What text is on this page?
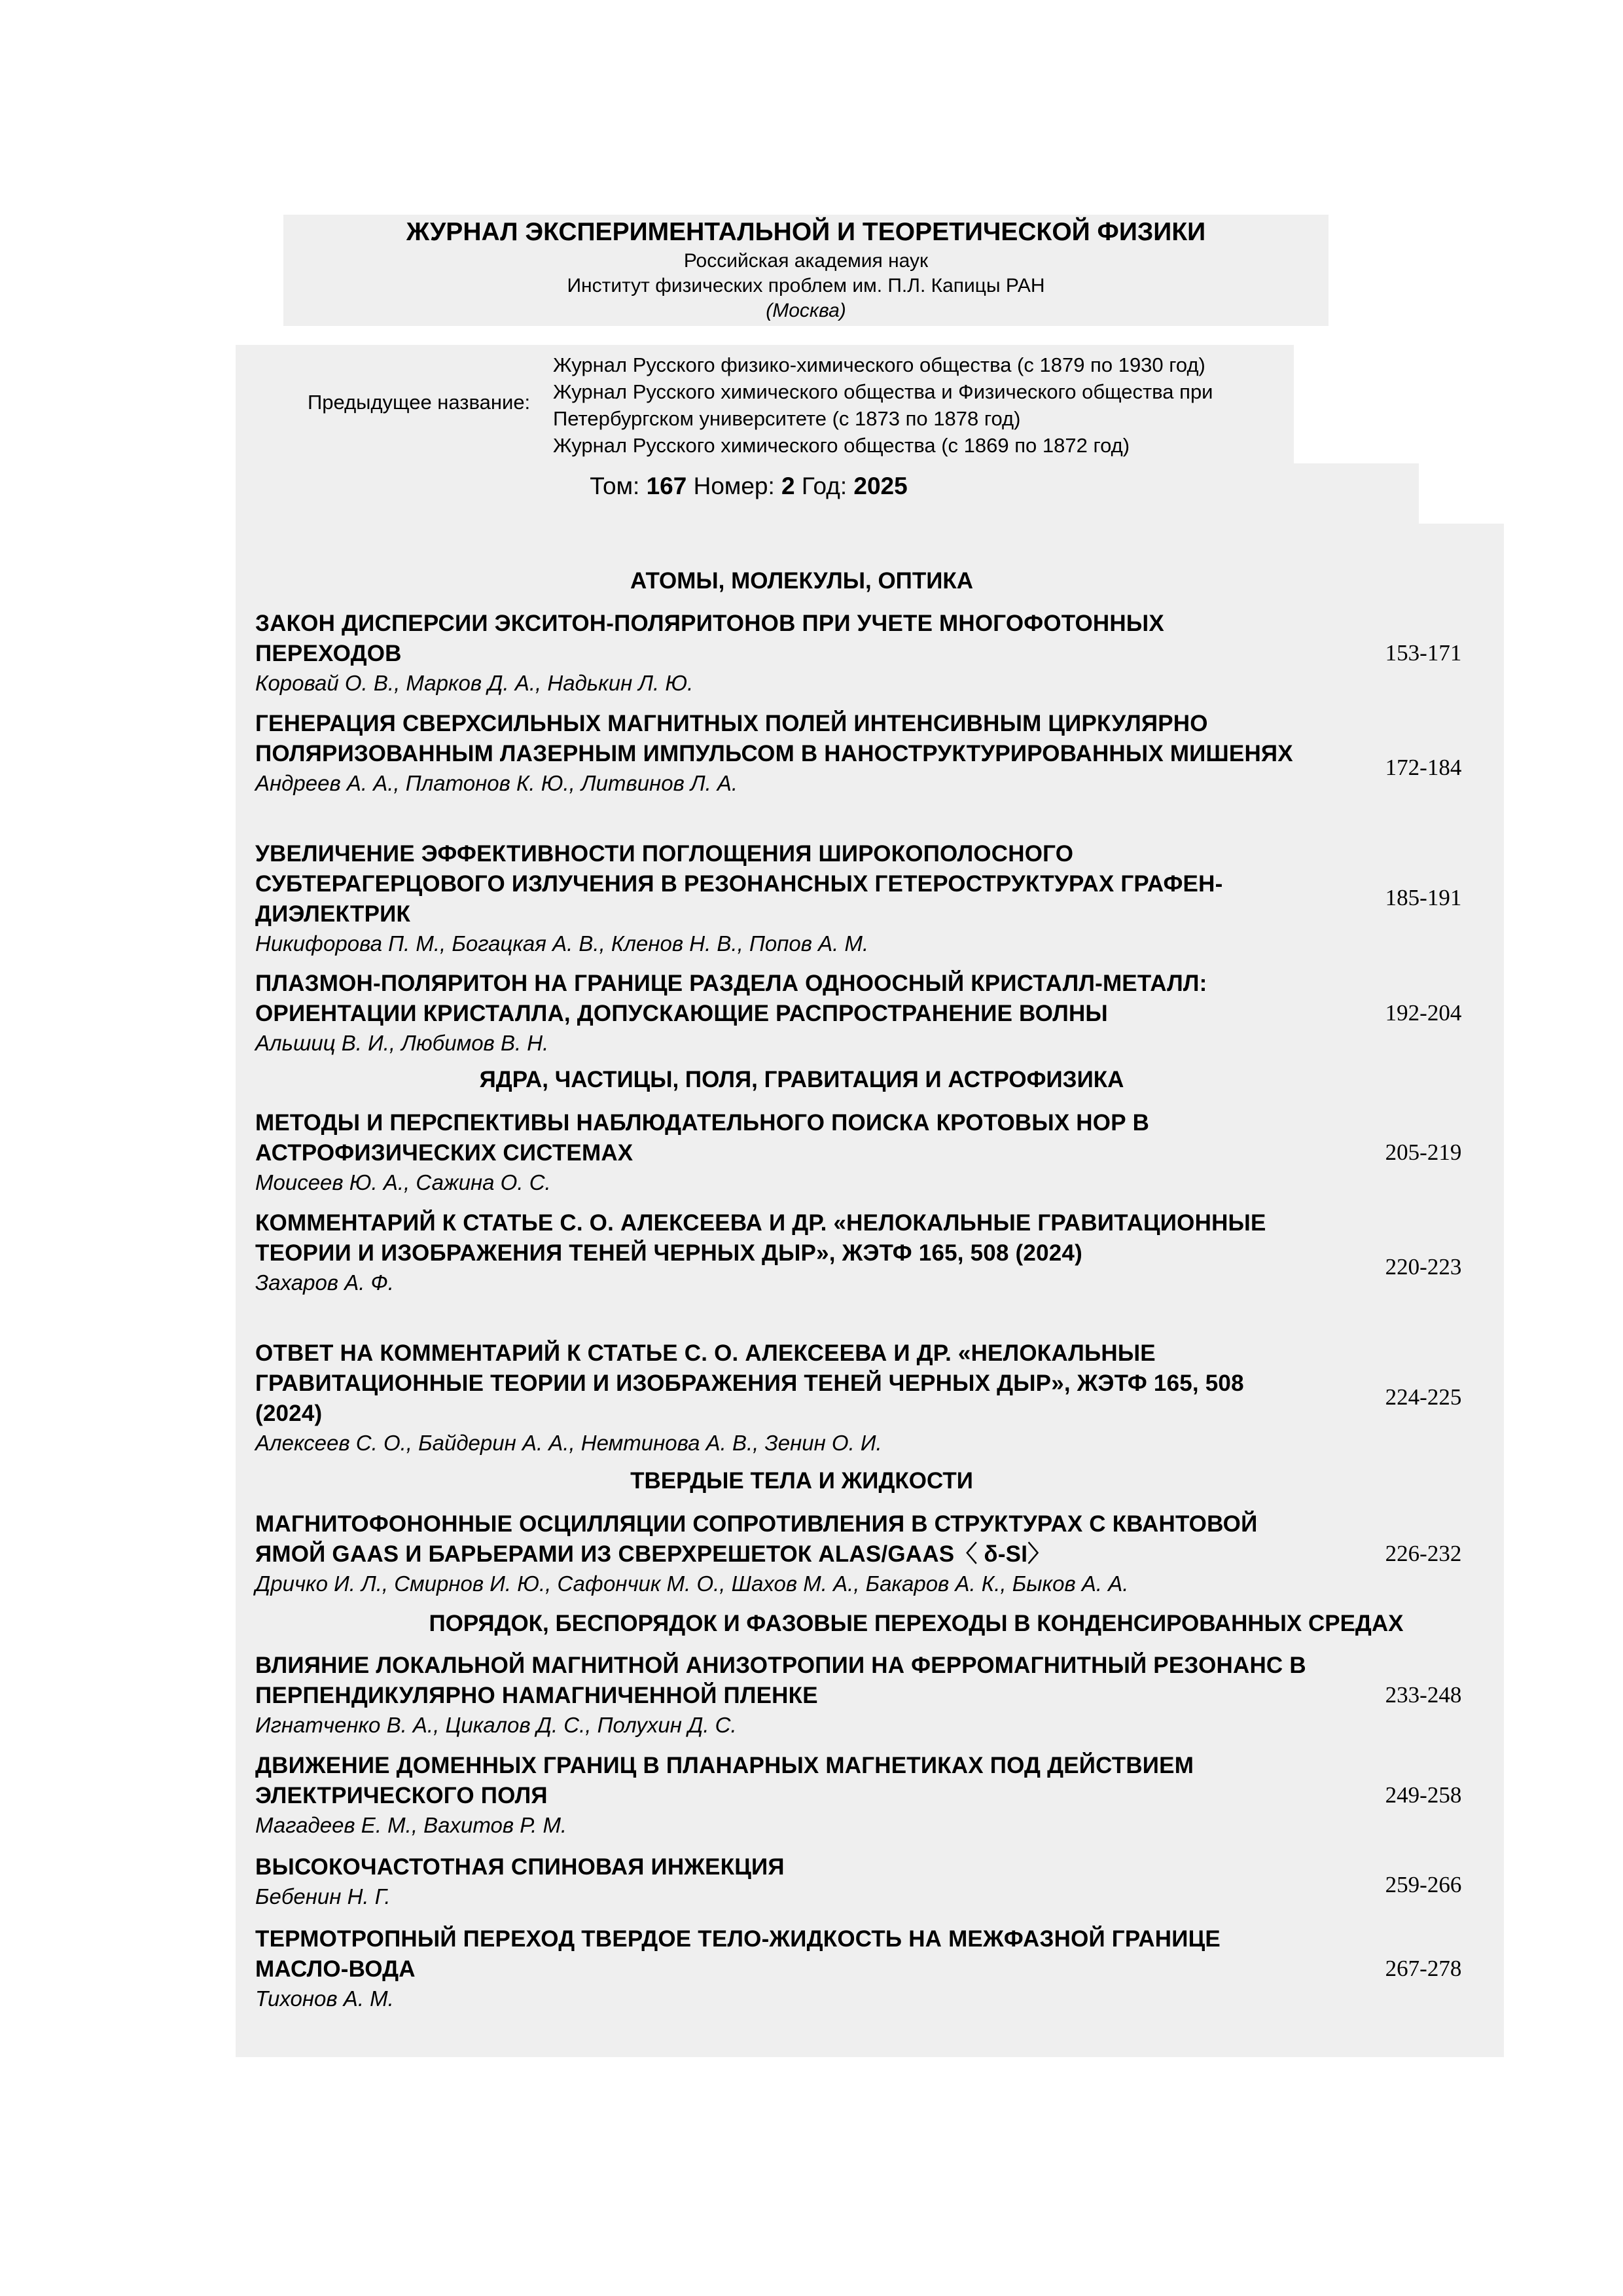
ЖУРНАЛ ЭКСПЕРИМЕНТАЛЬНОЙ И ТЕОРЕТИЧЕСКОЙ ФИЗИКИ
Российская академия наук
Институт физических проблем им. П.Л. Капицы РАН
(Москва)
Предыдущее название:
Журнал Русского физико-химического общества (с 1879 по 1930 год)
Журнал Русского химического общества и Физического общества при Петербургском университете (с 1873 по 1878 год)
Журнал Русского химического общества (с 1869 по 1872 год)
Том: 167 Номер: 2 Год: 2025
АТОМЫ, МОЛЕКУЛЫ, ОПТИКА
ЗАКОН ДИСПЕРСИИ ЭКСИТОН-ПОЛЯРИТОНОВ ПРИ УЧЕТЕ МНОГОФОТОННЫХ ПЕРЕХОДОВ
Коровай О. В., Марков Д. А., Надькин Л. Ю.
153-171
ГЕНЕРАЦИЯ СВЕРХСИЛЬНЫХ МАГНИТНЫХ ПОЛЕЙ ИНТЕНСИВНЫМ ЦИРКУЛЯРНО ПОЛЯРИЗОВАННЫМ ЛАЗЕРНЫМ ИМПУЛЬСОМ В НАНОСТРУКТУРИРОВАННЫХ МИШЕНЯХ
Андреев А. А., Платонов К. Ю., Литвинов Л. А.
172-184
УВЕЛИЧЕНИЕ ЭФФЕКТИВНОСТИ ПОГЛОЩЕНИЯ ШИРОКОПОЛОСНОГО СУБТЕРАГЕРЦОВОГО ИЗЛУЧЕНИЯ В РЕЗОНАНСНЫХ ГЕТЕРОСТРУКТУРАХ ГРАФЕН-ДИЭЛЕКТРИК
Никифорова П. М., Богацкая А. В., Кленов Н. В., Попов А. М.
185-191
ПЛАЗМОН-ПОЛЯРИТОН НА ГРАНИЦЕ РАЗДЕЛА ОДНООСНЫЙ КРИСТАЛЛ-МЕТАЛЛ: ОРИЕНТАЦИИ КРИСТАЛЛА, ДОПУСКАЮЩИЕ РАСПРОСТРАНЕНИЕ ВОЛНЫ
Альшиц В. И., Любимов В. Н.
192-204
ЯДРА, ЧАСТИЦЫ, ПОЛЯ, ГРАВИТАЦИЯ И АСТРОФИЗИКА
МЕТОДЫ И ПЕРСПЕКТИВЫ НАБЛЮДАТЕЛЬНОГО ПОИСКА КРОТОВЫХ НОР В АСТРОФИЗИЧЕСКИХ СИСТЕМАХ
Моисеев Ю. А., Сажина О. С.
205-219
КОММЕНТАРИЙ К СТАТЬЕ С. О. АЛЕКСЕЕВА И ДР. «НЕЛОКАЛЬНЫЕ ГРАВИТАЦИОННЫЕ ТЕОРИИ И ИЗОБРАЖЕНИЯ ТЕНЕЙ ЧЕРНЫХ ДЫР», ЖЭТФ 165, 508 (2024)
Захаров А. Ф.
220-223
ОТВЕТ НА КОММЕНТАРИЙ К СТАТЬЕ С. О. АЛЕКСЕЕВА И ДР. «НЕЛОКАЛЬНЫЕ ГРАВИТАЦИОННЫЕ ТЕОРИИ И ИЗОБРАЖЕНИЯ ТЕНЕЙ ЧЕРНЫХ ДЫР», ЖЭТФ 165, 508 (2024)
Алексеев С. О., Байдерин А. А., Немтинова А. В., Зенин О. И.
224-225
ТВЕРДЫЕ ТЕЛА И ЖИДКОСТИ
МАГНИТОФОНОННЫЕ ОСЦИЛЛЯЦИИ СОПРОТИВЛЕНИЯ В СТРУКТУРАХ С КВАНТОВОЙ ЯМОЙ GAAS И БАРЬЕРАМИ ИЗ СВЕРХРЕШЕТОК ALAS/GAAS〈 δ-SI〉
Дричко И. Л., Смирнов И. Ю., Сафончик М. О., Шахов М. А., Бакаров А. К., Быков А. А.
226-232
ПОРЯДОК, БЕСПОРЯДОК И ФАЗОВЫЕ ПЕРЕХОДЫ В КОНДЕНСИРОВАННЫХ СРЕДАХ
ВЛИЯНИЕ ЛОКАЛЬНОЙ МАГНИТНОЙ АНИЗОТРОПИИ НА ФЕРРОМАГНИТНЫЙ РЕЗОНАНС В ПЕРПЕНДИКУЛЯРНО НАМАГНИЧЕННОЙ ПЛЕНКЕ
Игнатченко В. А., Цикалов Д. С., Полухин Д. С.
233-248
ДВИЖЕНИЕ ДОМЕННЫХ ГРАНИЦ В ПЛАНАРНЫХ МАГНЕТИКАХ ПОД ДЕЙСТВИЕМ ЭЛЕКТРИЧЕСКОГО ПОЛЯ
Магадеев Е. М., Вахитов Р. М.
249-258
ВЫСОКОЧАСТОТНАЯ СПИНОВАЯ ИНЖЕКЦИЯ
Бебенин Н. Г.	259-266
ТЕРМОТРОПНЫЙ ПЕРЕХОД ТВЕРДОЕ ТЕЛО-ЖИДКОСТЬ НА МЕЖФАЗНОЙ ГРАНИЦЕ МАСЛО-ВОДА
Тихонов А. М.
267-278
